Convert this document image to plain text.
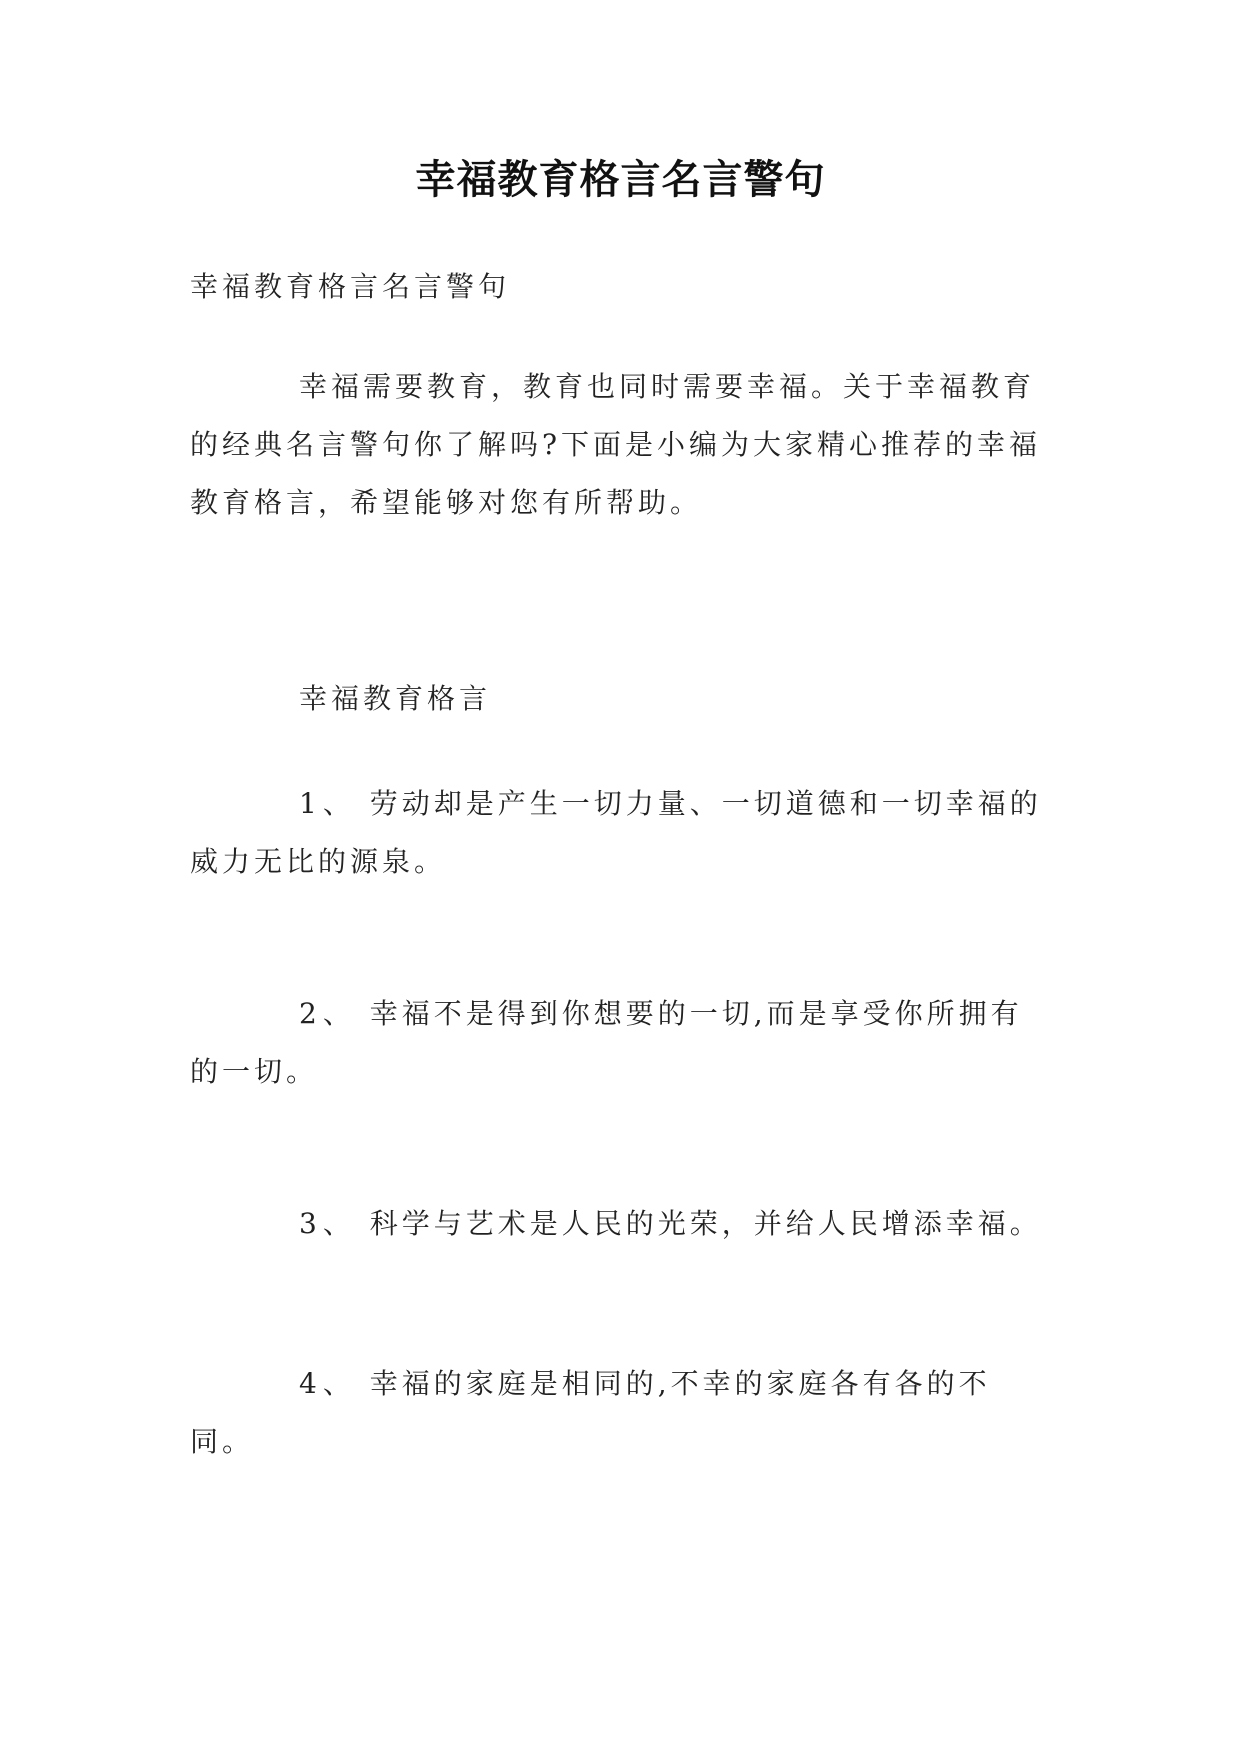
幸福教育格言名言警句

幸福教育格言名言警句

幸福需要教育，教育也同时需要幸福。关于幸福教育的经典名言警句你了解吗?下面是小编为大家精心推荐的幸福教育格言，希望能够对您有所帮助。

幸福教育格言

1、 劳动却是产生一切力量、一切道德和一切幸福的威力无比的源泉。

2、 幸福不是得到你想要的一切,而是享受你所拥有的一切。

3、 科学与艺术是人民的光荣，并给人民增添幸福。

4、 幸福的家庭是相同的,不幸的家庭各有各的不同。
